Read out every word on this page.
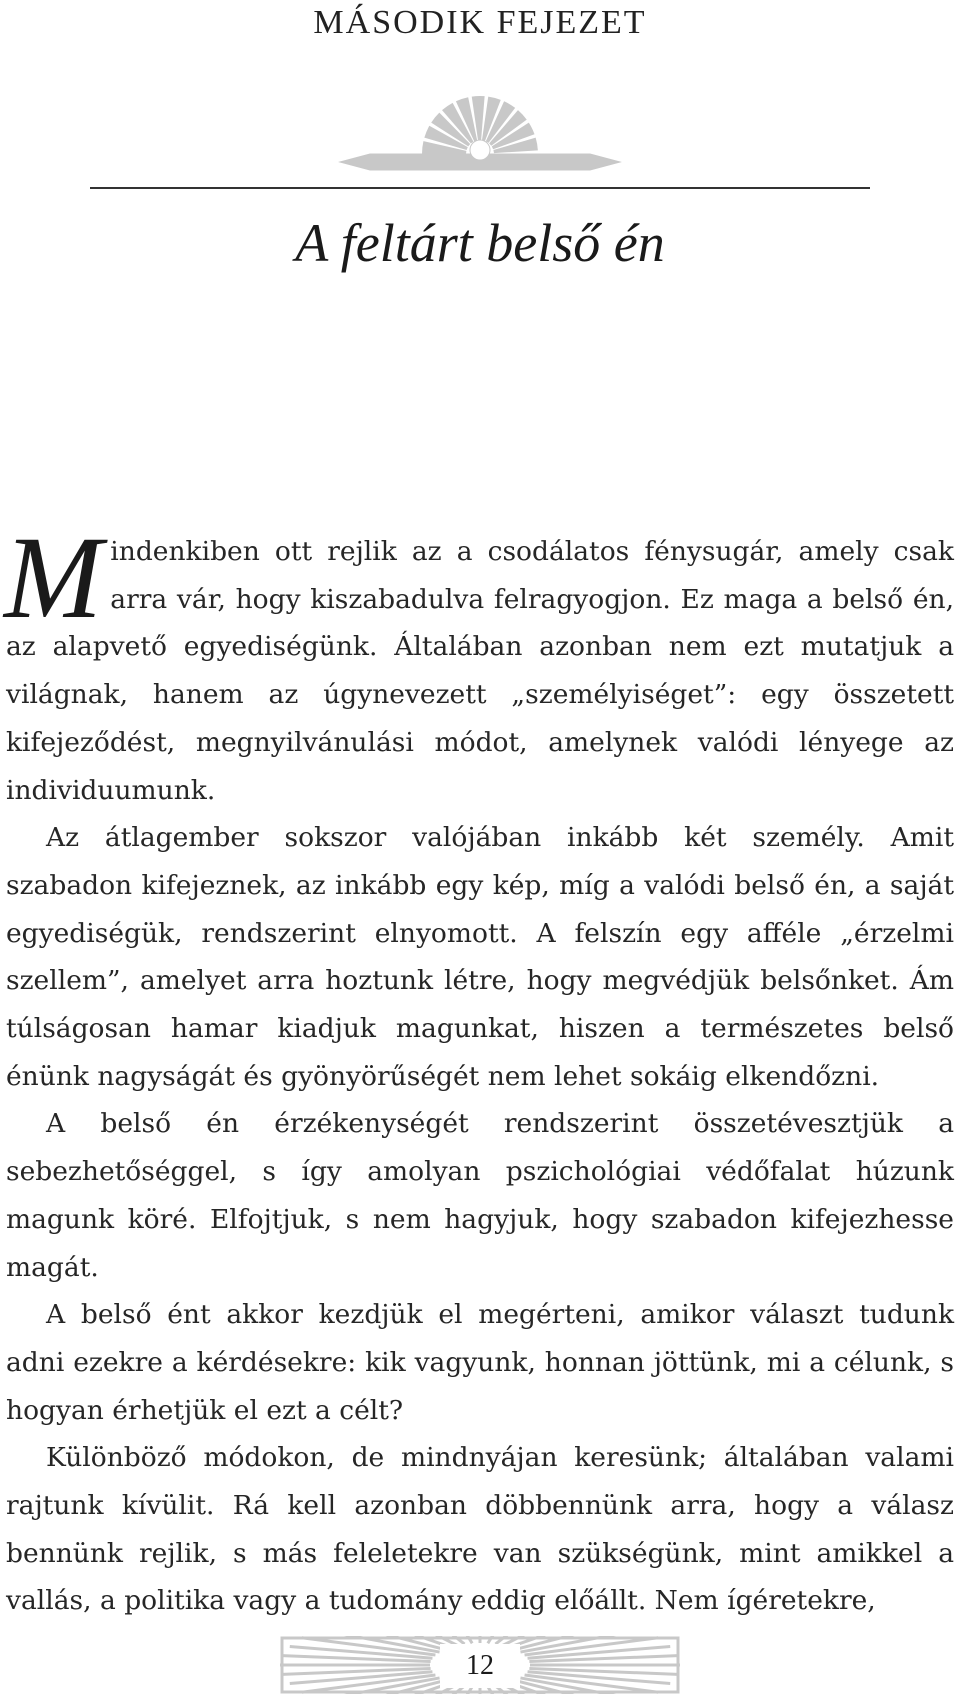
MÁSODIK FEJEZET
A feltárt belső én

Mindenkiben ott rejlik az a csodálatos fénysugár, amely csak arra vár, hogy kiszabadulva felragyogjon. Ez maga a belső én, az alapvető egyediségünk. Általában azonban nem ezt mutatjuk a világnak, hanem az úgynevezett „személyiséget”: egy összetett kifejeződést, megnyilvánulási módot, amelynek valódi lényege az individuumunk.

Az átlagember sokszor valójában inkább két személy. Amit szabadon kifejeznek, az inkább egy kép, míg a valódi belső én, a saját egyediségük, rendszerint elnyomott. A felszín egy afféle „érzelmi szellem”, amelyet arra hoztunk létre, hogy megvédjük belsőnket. Ám túlságosan hamar kiadjuk magunkat, hiszen a természetes belső énünk nagyságát és gyönyörűségét nem lehet sokáig elkendőzni.

A belső én érzékenységét rendszerint összetévesztjük a sebezhetőséggel, s így amolyan pszichológiai védőfalat húzunk magunk köré. Elfojtjuk, s nem hagyjuk, hogy szabadon kifejezhesse magát.

A belső ént akkor kezdjük el megérteni, amikor választ tudunk adni ezekre a kérdésekre: kik vagyunk, honnan jöttünk, mi a célunk, s hogyan érhetjük el ezt a célt?

Különböző módokon, de mindnyájan keresünk; általában valami rajtunk kívülit. Rá kell azonban döbbennünk arra, hogy a válasz bennünk rejlik, s más feleletekre van szükségünk, mint amikkel a vallás, a politika vagy a tudomány eddig előállt. Nem ígéretekre,

12
